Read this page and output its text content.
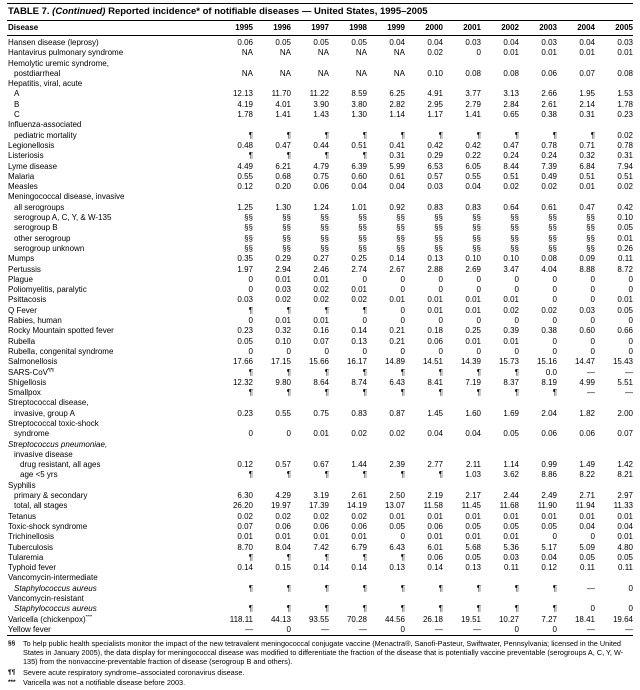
TABLE 7. (Continued) Reported incidence* of notifiable diseases — United States, 1995–2005
Disease	1995	1996	1997	1998	1999	2000	2001	2002	2003	2004	2005
Hansen disease (leprosy)	0.06	0.05	0.05	0.05	0.04	0.04	0.03	0.04	0.03	0.04	0.03
Hantavirus pulmonary syndrome	NA	NA	NA	NA	NA	0.02	0	0.01	0.01	0.01	0.01
Hemolytic uremic syndrome,											
postdiarrheal	NA	NA	NA	NA	NA	0.10	0.08	0.08	0.06	0.07	0.08
Hepatitis, viral, acute											
A	12.13	11.70	11.22	8.59	6.25	4.91	3.77	3.13	2.66	1.95	1.53
B	4.19	4.01	3.90	3.80	2.82	2.95	2.79	2.84	2.61	2.14	1.78
C	1.78	1.41	1.43	1.30	1.14	1.17	1.41	0.65	0.38	0.31	0.23
Influenza-associated											
pediatric mortality	¶	¶	¶	¶	¶	¶	¶	¶	¶	¶	0.02
Legionellosis	0.48	0.47	0.44	0.51	0.41	0.42	0.42	0.47	0.78	0.71	0.78
Listeriosis	¶	¶	¶	¶	0.31	0.29	0.22	0.24	0.24	0.32	0.31
Lyme disease	4.49	6.21	4.79	6.39	5.99	6.53	6.05	8.44	7.39	6.84	7.94
Malaria	0.55	0.68	0.75	0.60	0.61	0.57	0.55	0.51	0.49	0.51	0.51
Measles	0.12	0.20	0.06	0.04	0.04	0.03	0.04	0.02	0.02	0.01	0.02
Meningococcal disease, invasive											
all serogroups	1.25	1.30	1.24	1.01	0.92	0.83	0.83	0.64	0.61	0.47	0.42
serogroup A, C, Y, & W-135	§§	§§	§§	§§	§§	§§	§§	§§	§§	§§	0.10
serogroup B	§§	§§	§§	§§	§§	§§	§§	§§	§§	§§	0.05
other serogroup	§§	§§	§§	§§	§§	§§	§§	§§	§§	§§	0.01
serogroup unknown	§§	§§	§§	§§	§§	§§	§§	§§	§§	§§	0.26
Mumps	0.35	0.29	0.27	0.25	0.14	0.13	0.10	0.10	0.08	0.09	0.11
Pertussis	1.97	2.94	2.46	2.74	2.67	2.88	2.69	3.47	4.04	8.88	8.72
Plague	0	0.01	0.01	0	0	0	0	0	0	0	0
Poliomyelitis, paralytic	0	0.03	0.02	0.01	0	0	0	0	0	0	0
Psittacosis	0.03	0.02	0.02	0.02	0.01	0.01	0.01	0.01	0	0	0.01
Q Fever	¶	¶	¶	¶	0	0.01	0.01	0.02	0.02	0.03	0.05
Rabies, human	0	0.01	0.01	0	0	0	0	0	0	0	0
Rocky Mountain spotted fever	0.23	0.32	0.16	0.14	0.21	0.18	0.25	0.39	0.38	0.60	0.66
Rubella	0.05	0.10	0.07	0.13	0.21	0.06	0.01	0.01	0	0	0
Rubella, congenital syndrome	0	0	0	0	0	0	0	0	0	0	0
Salmonellosis	17.66	17.15	15.66	16.17	14.89	14.51	14.39	15.73	15.16	14.47	15.43
SARS-CoV¶¶	¶	¶	¶	¶	¶	¶	¶	¶	0.0	—	—
Shigellosis	12.32	9.80	8.64	8.74	6.43	8.41	7.19	8.37	8.19	4.99	5.51
Smallpox	¶	¶	¶	¶	¶	¶	¶	¶	¶	—	—
Streptococcal disease,											
invasive, group A	0.23	0.55	0.75	0.83	0.87	1.45	1.60	1.69	2.04	1.82	2.00
Streptococcal toxic-shock											
syndrome	0	0	0.01	0.02	0.02	0.04	0.04	0.05	0.06	0.06	0.07
Streptococcus pneumoniae,											
invasive disease											
drug resistant, all ages	0.12	0.57	0.67	1.44	2.39	2.77	2.11	1.14	0.99	1.49	1.42
age <5 yrs	¶	¶	¶	¶	¶	¶	1.03	3.62	8.86	8.22	8.21
Syphilis											
primary & secondary	6.30	4.29	3.19	2.61	2.50	2.19	2.17	2.44	2.49	2.71	2.97
total, all stages	26.20	19.97	17.39	14.19	13.07	11.58	11.45	11.68	11.90	11.94	11.33
Tetanus	0.02	0.02	0.02	0.02	0.01	0.01	0.01	0.01	0.01	0.01	0.01
Toxic-shock syndrome	0.07	0.06	0.06	0.06	0.05	0.06	0.05	0.05	0.05	0.04	0.04
Trichinellosis	0.01	0.01	0.01	0.01	0	0.01	0.01	0.01	0	0	0.01
Tuberculosis	8.70	8.04	7.42	6.79	6.43	6.01	5.68	5.36	5.17	5.09	4.80
Tularemia	¶	¶	¶	¶	¶	0.06	0.05	0.03	0.04	0.05	0.05
Typhoid fever	0.14	0.15	0.14	0.14	0.13	0.14	0.13	0.11	0.12	0.11	0.11
Vancomycin-intermediate											
Staphylococcus aureus	¶	¶	¶	¶	¶	¶	¶	¶	¶	—	0
Vancomycin-resistant											
Staphylococcus aureus	¶	¶	¶	¶	¶	¶	¶	¶	¶	0	0
Varicella (chickenpox)***	118.11	44.13	93.55	70.28	44.56	26.18	19.51	10.27	7.27	18.41	19.64
Yellow fever	—	0	—	—	0	—	—	0	0	—	—
§§	To help public health specialists monitor the impact of the new tetravalent meningococcal conjugate vaccine (Menactra®, Sanofi-Pasteur, Swiftwater, Pennsylvania; licensed in the United States in January 2005), the data display for meningococcal disease was modified to differentiate the fraction of the disease that is potentially vaccine preventable (serogroups A, C, Y, W-135) from the nonvaccine-preventable fraction of disease (serogroup B and others).
¶¶	Severe acute respiratory syndrome–associated coronavirus disease.
***	Varicella was not a notifiable disease before 2003.
